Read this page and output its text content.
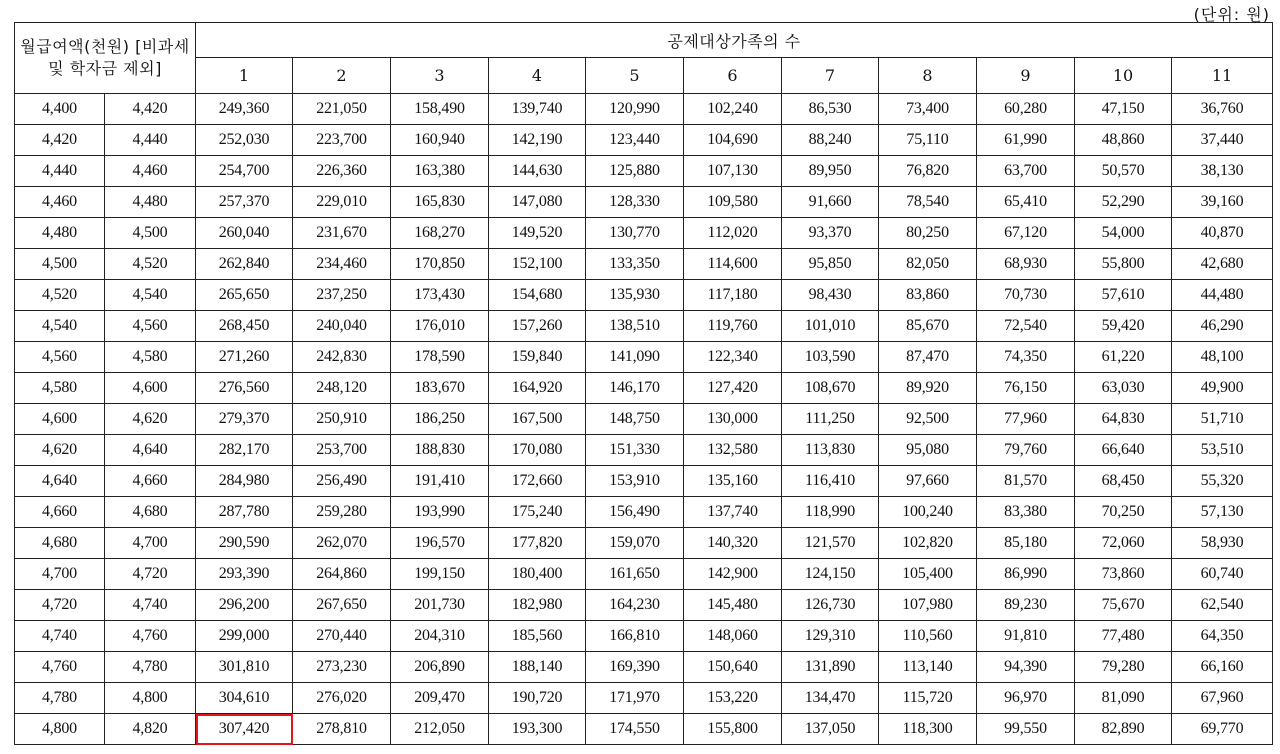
(단위: 원)
월급여액(천원) [비과세 및 학자금 제외]		공제대상가족의 수										
		1	2	3	4	5	6	7	8	9	10	11
4,400	4,420	249,360	221,050	158,490	139,740	120,990	102,240	86,530	73,400	60,280	47,150	36,760
4,420	4,440	252,030	223,700	160,940	142,190	123,440	104,690	88,240	75,110	61,990	48,860	37,440
4,440	4,460	254,700	226,360	163,380	144,630	125,880	107,130	89,950	76,820	63,700	50,570	38,130
4,460	4,480	257,370	229,010	165,830	147,080	128,330	109,580	91,660	78,540	65,410	52,290	39,160
4,480	4,500	260,040	231,670	168,270	149,520	130,770	112,020	93,370	80,250	67,120	54,000	40,870
4,500	4,520	262,840	234,460	170,850	152,100	133,350	114,600	95,850	82,050	68,930	55,800	42,680
4,520	4,540	265,650	237,250	173,430	154,680	135,930	117,180	98,430	83,860	70,730	57,610	44,480
4,540	4,560	268,450	240,040	176,010	157,260	138,510	119,760	101,010	85,670	72,540	59,420	46,290
4,560	4,580	271,260	242,830	178,590	159,840	141,090	122,340	103,590	87,470	74,350	61,220	48,100
4,580	4,600	276,560	248,120	183,670	164,920	146,170	127,420	108,670	89,920	76,150	63,030	49,900
4,600	4,620	279,370	250,910	186,250	167,500	148,750	130,000	111,250	92,500	77,960	64,830	51,710
4,620	4,640	282,170	253,700	188,830	170,080	151,330	132,580	113,830	95,080	79,760	66,640	53,510
4,640	4,660	284,980	256,490	191,410	172,660	153,910	135,160	116,410	97,660	81,570	68,450	55,320
4,660	4,680	287,780	259,280	193,990	175,240	156,490	137,740	118,990	100,240	83,380	70,250	57,130
4,680	4,700	290,590	262,070	196,570	177,820	159,070	140,320	121,570	102,820	85,180	72,060	58,930
4,700	4,720	293,390	264,860	199,150	180,400	161,650	142,900	124,150	105,400	86,990	73,860	60,740
4,720	4,740	296,200	267,650	201,730	182,980	164,230	145,480	126,730	107,980	89,230	75,670	62,540
4,740	4,760	299,000	270,440	204,310	185,560	166,810	148,060	129,310	110,560	91,810	77,480	64,350
4,760	4,780	301,810	273,230	206,890	188,140	169,390	150,640	131,890	113,140	94,390	79,280	66,160
4,780	4,800	304,610	276,020	209,470	190,720	171,970	153,220	134,470	115,720	96,970	81,090	67,960
4,800	4,820	307,420	278,810	212,050	193,300	174,550	155,800	137,050	118,300	99,550	82,890	69,770
